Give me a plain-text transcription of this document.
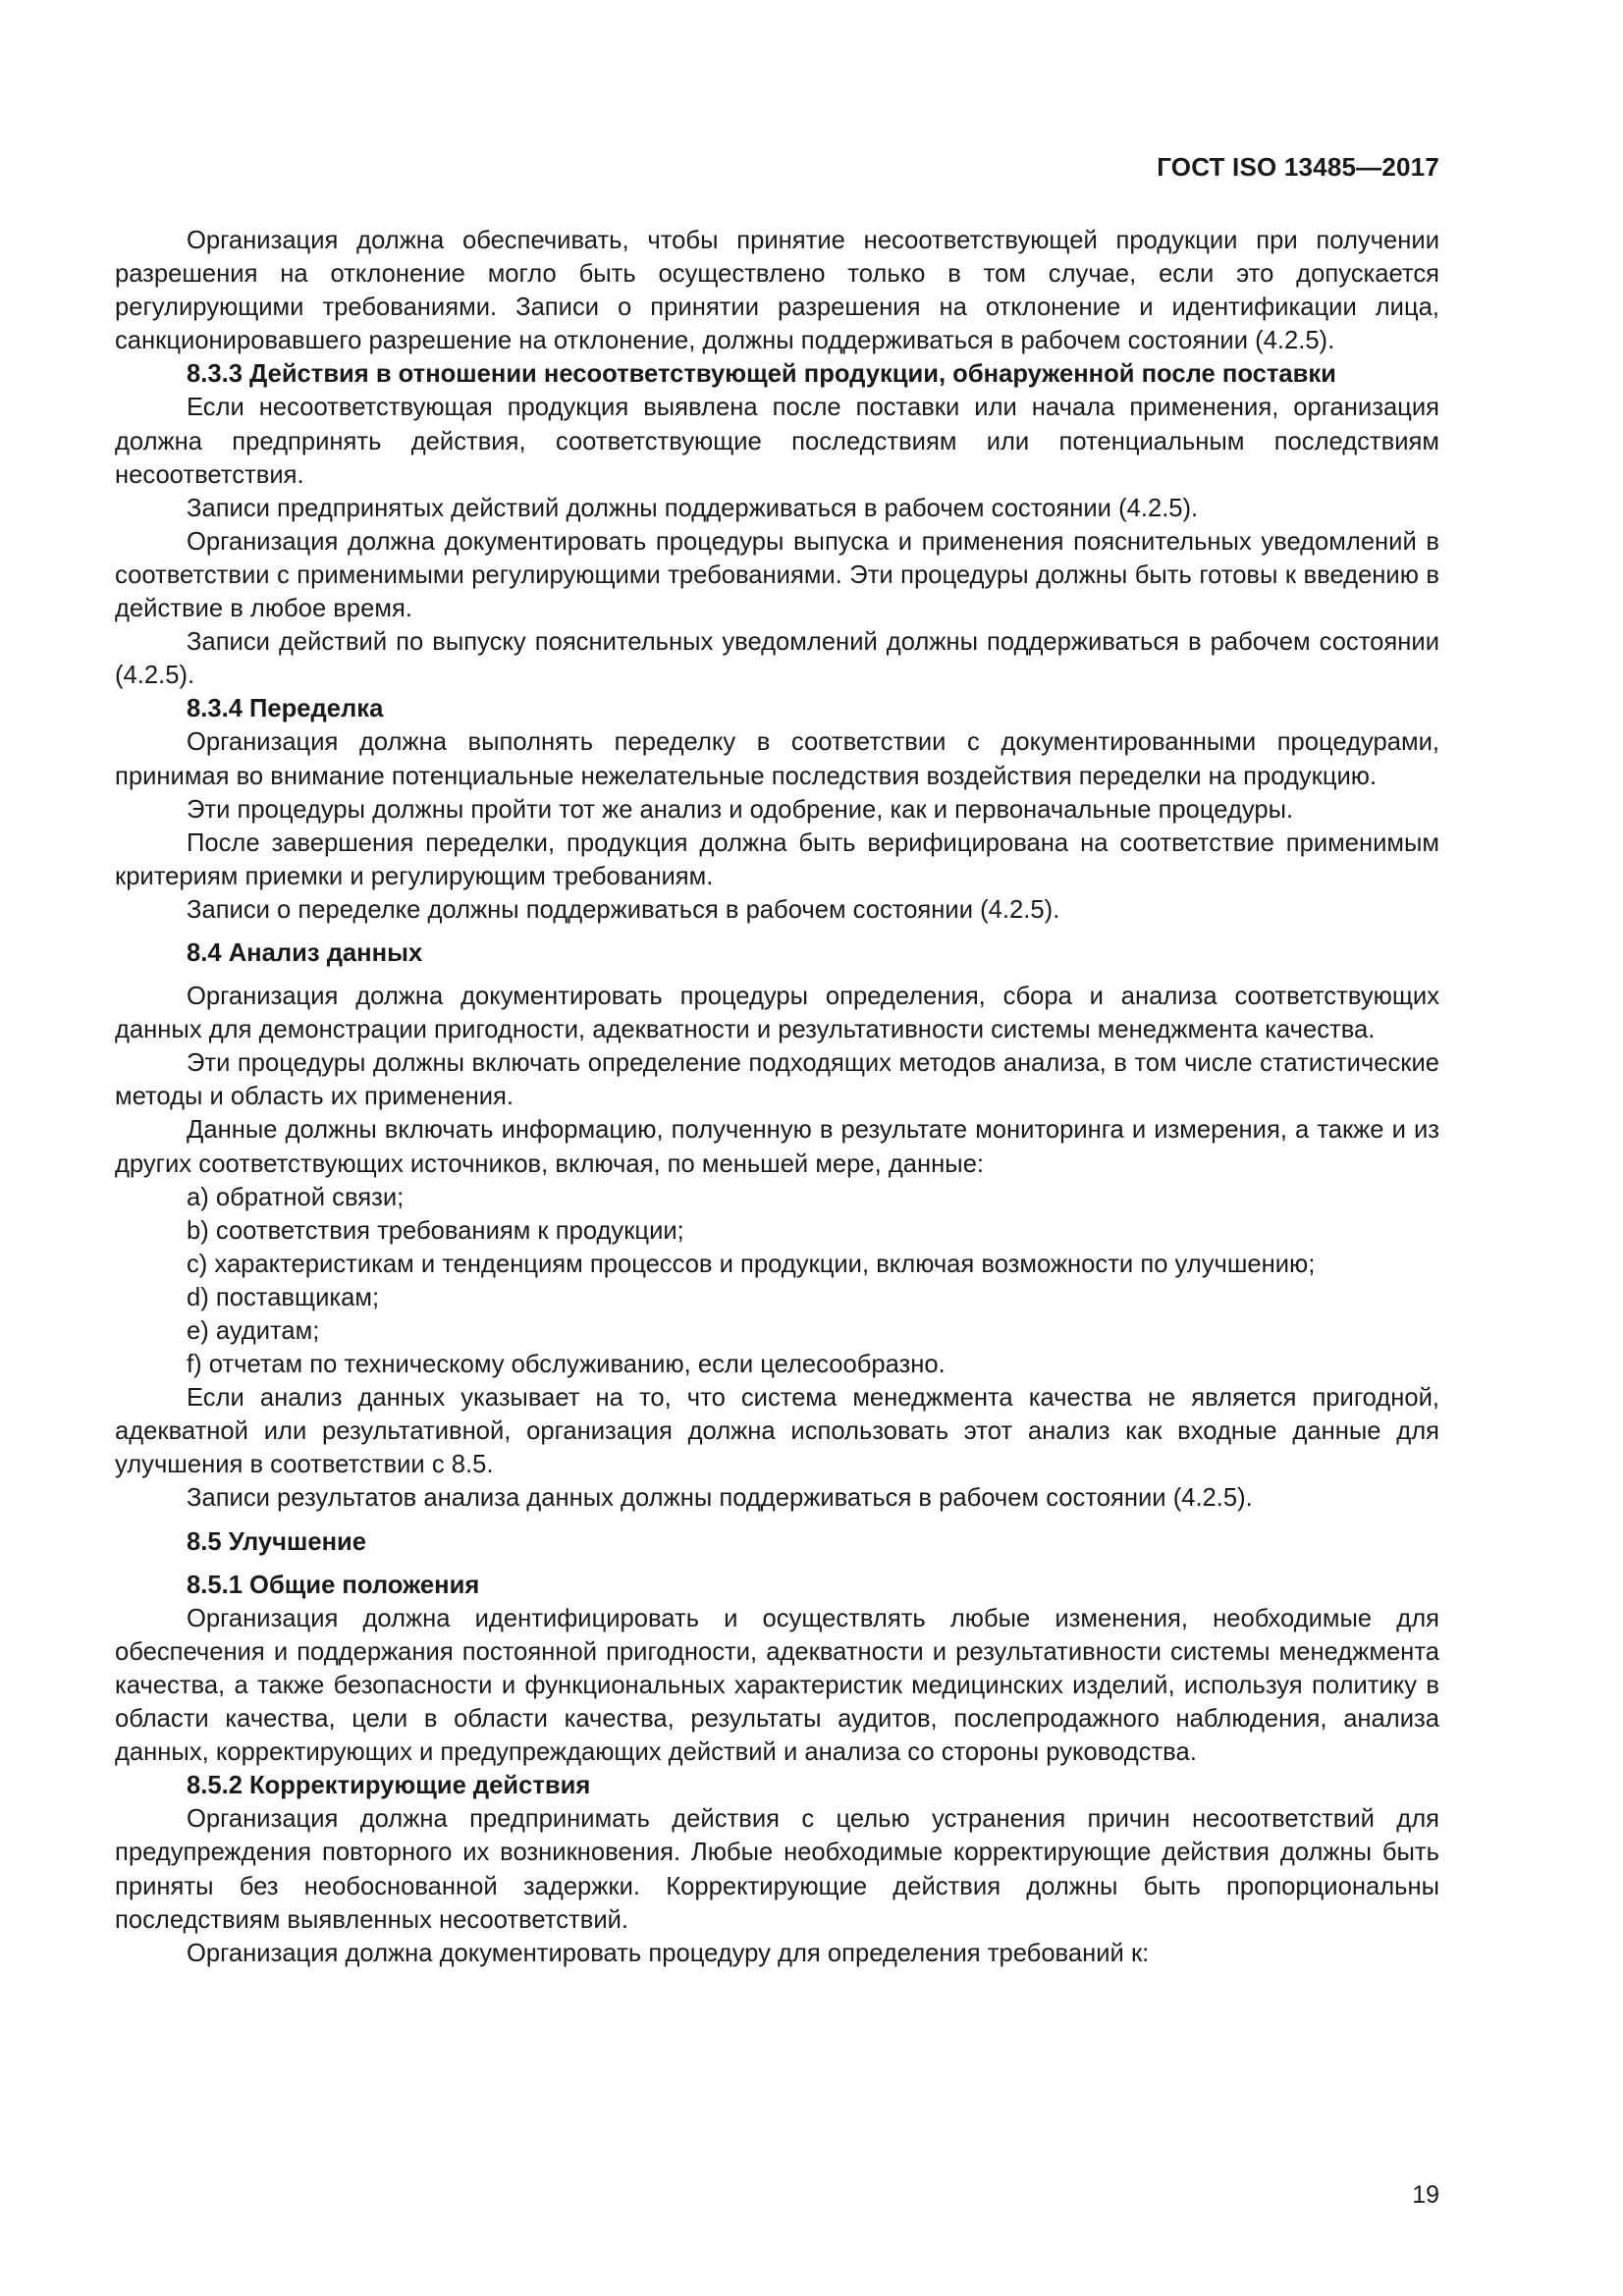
ГОСТ ISO 13485—2017

Организация должна обеспечивать, чтобы принятие несоответствующей продукции при получении разрешения на отклонение могло быть осуществлено только в том случае, если это допускается регулирующими требованиями. Записи о принятии разрешения на отклонение и идентификации лица, санкционировавшего разрешение на отклонение, должны поддерживаться в рабочем состоянии (4.2.5).

8.3.3 Действия в отношении несоответствующей продукции, обнаруженной после поставки

Если несоответствующая продукция выявлена после поставки или начала применения, организация должна предпринять действия, соответствующие последствиям или потенциальным последствиям несоответствия.

Записи предпринятых действий должны поддерживаться в рабочем состоянии (4.2.5).

Организация должна документировать процедуры выпуска и применения пояснительных уведомлений в соответствии с применимыми регулирующими требованиями. Эти процедуры должны быть готовы к введению в действие в любое время.

Записи действий по выпуску пояснительных уведомлений должны поддерживаться в рабочем состоянии (4.2.5).

8.3.4 Переделка

Организация должна выполнять переделку в соответствии с документированными процедурами, принимая во внимание потенциальные нежелательные последствия воздействия переделки на продукцию.

Эти процедуры должны пройти тот же анализ и одобрение, как и первоначальные процедуры.

После завершения переделки, продукция должна быть верифицирована на соответствие применимым критериям приемки и регулирующим требованиям.

Записи о переделке должны поддерживаться в рабочем состоянии (4.2.5).

8.4 Анализ данных

Организация должна документировать процедуры определения, сбора и анализа соответствующих данных для демонстрации пригодности, адекватности и результативности системы менеджмента качества.

Эти процедуры должны включать определение подходящих методов анализа, в том числе статистические методы и область их применения.

Данные должны включать информацию, полученную в результате мониторинга и измерения, а также и из других соответствующих источников, включая, по меньшей мере, данные:

a) обратной связи;

b) соответствия требованиям к продукции;

c) характеристикам и тенденциям процессов и продукции, включая возможности по улучшению;

d) поставщикам;

e) аудитам;

f) отчетам по техническому обслуживанию, если целесообразно.

Если анализ данных указывает на то, что система менеджмента качества не является пригодной, адекватной или результативной, организация должна использовать этот анализ как входные данные для улучшения в соответствии с 8.5.

Записи результатов анализа данных должны поддерживаться в рабочем состоянии (4.2.5).

8.5 Улучшение

8.5.1 Общие положения

Организация должна идентифицировать и осуществлять любые изменения, необходимые для обеспечения и поддержания постоянной пригодности, адекватности и результативности системы менеджмента качества, а также безопасности и функциональных характеристик медицинских изделий, используя политику в области качества, цели в области качества, результаты аудитов, послепродажного наблюдения, анализа данных, корректирующих и предупреждающих действий и анализа со стороны руководства.

8.5.2 Корректирующие действия

Организация должна предпринимать действия с целью устранения причин несоответствий для предупреждения повторного их возникновения. Любые необходимые корректирующие действия должны быть приняты без необоснованной задержки. Корректирующие действия должны быть пропорциональны последствиям выявленных несоответствий.

Организация должна документировать процедуру для определения требований к:

19
